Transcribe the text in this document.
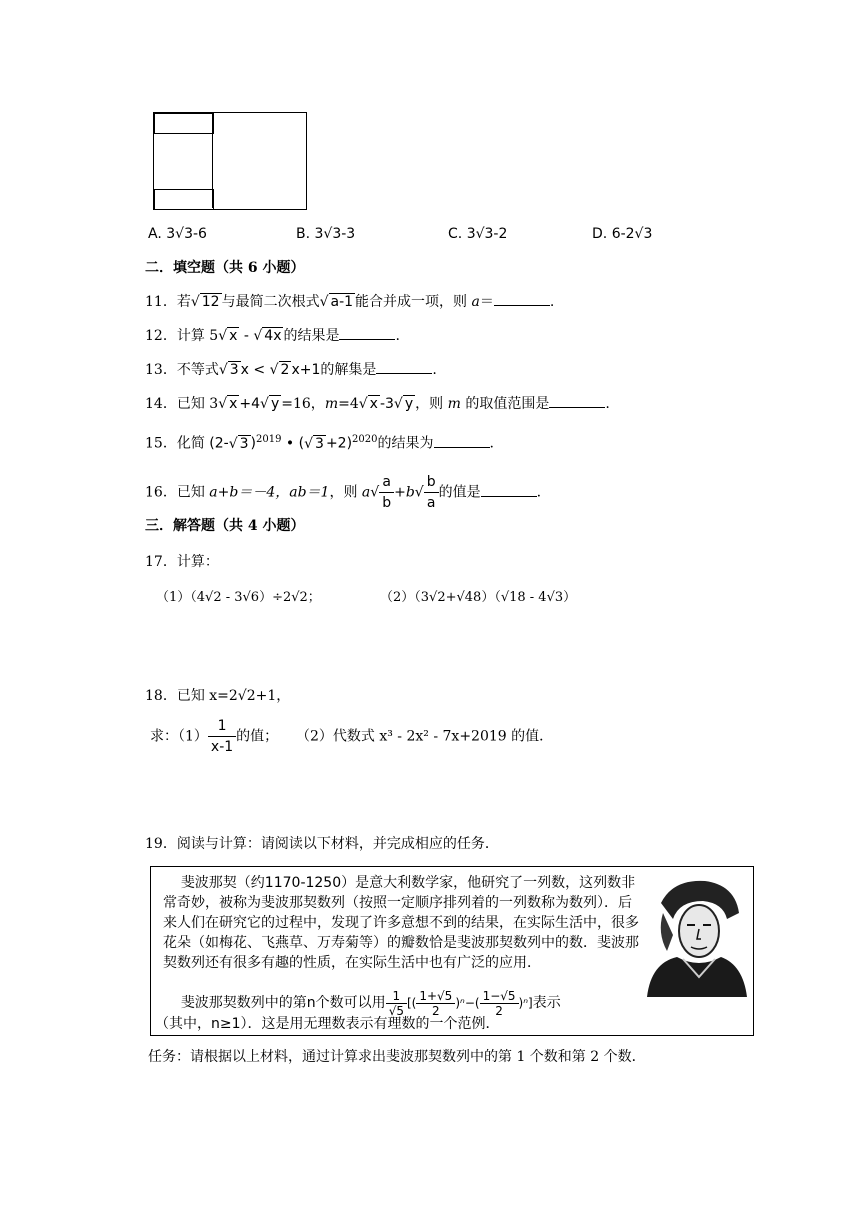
A. 3√3-6	B. 3√3-3	C. 3√3-2	D. 6-2√3
二．填空题（共 6 小题）
11．若√ 12 与最简二次根式√ a-1 能合并成一项，则 a＝	.
12．计算 5√ x - √ 4x 的结果是	.
13．不等式√ 3 x < √ 2 x+1的解集是	.
14．已知 3√ x +4√ y =16，m=4√ x -3√ y ，则 m 的取值范围是	.
15．化简 (2-√ 3 )$^{2019}$ • (√ 3 +2)$^{2020}$的结果为	.
16．已知 a+b＝－4，ab＝1，则 $a√ \frac{a}{b} +b√ \frac{b}{a}$ 的值是	.
三．解答题（共 4 小题）
17．计算：
（1）（4√2 - 3√6）÷2√2；	（2）（3√2+√48）（√18 - 4√3）
18．已知 x=2√2+1，
求：$(1) \frac{1}{x-1}$ 的值； （2）代数式 x³ - 2x² - 7x+2019 的值．
19．阅读与计算：请阅读以下材料，并完成相应的任务．
斐波那契（约1170-1250）是意大利数学家，他研究了一列数，这列数非常奇妙，被称为斐波那契数列（按照一定顺序排列着的一列数称为数列）．后来人们在研究它的过程中，发现了许多意想不到的结果，在实际生活中，很多花朵（如梅花、飞燕草、万寿菊等）的瓣数恰是斐波那契数列中的数．斐波那契数列还有很多有趣的性质，在实际生活中也有广泛的应用．
斐波那契数列中的第n个数可以用 $\frac{1}{√5}$ [( $\frac{1+√5}{2} )^n-( \frac{1-√5}{2} )^n$]表示
（其中，n≥1）．这是用无理数表示有理数的一个范例．
任务：请根据以上材料，通过计算求出斐波那契数列中的第 1 个数和第 2 个数．
